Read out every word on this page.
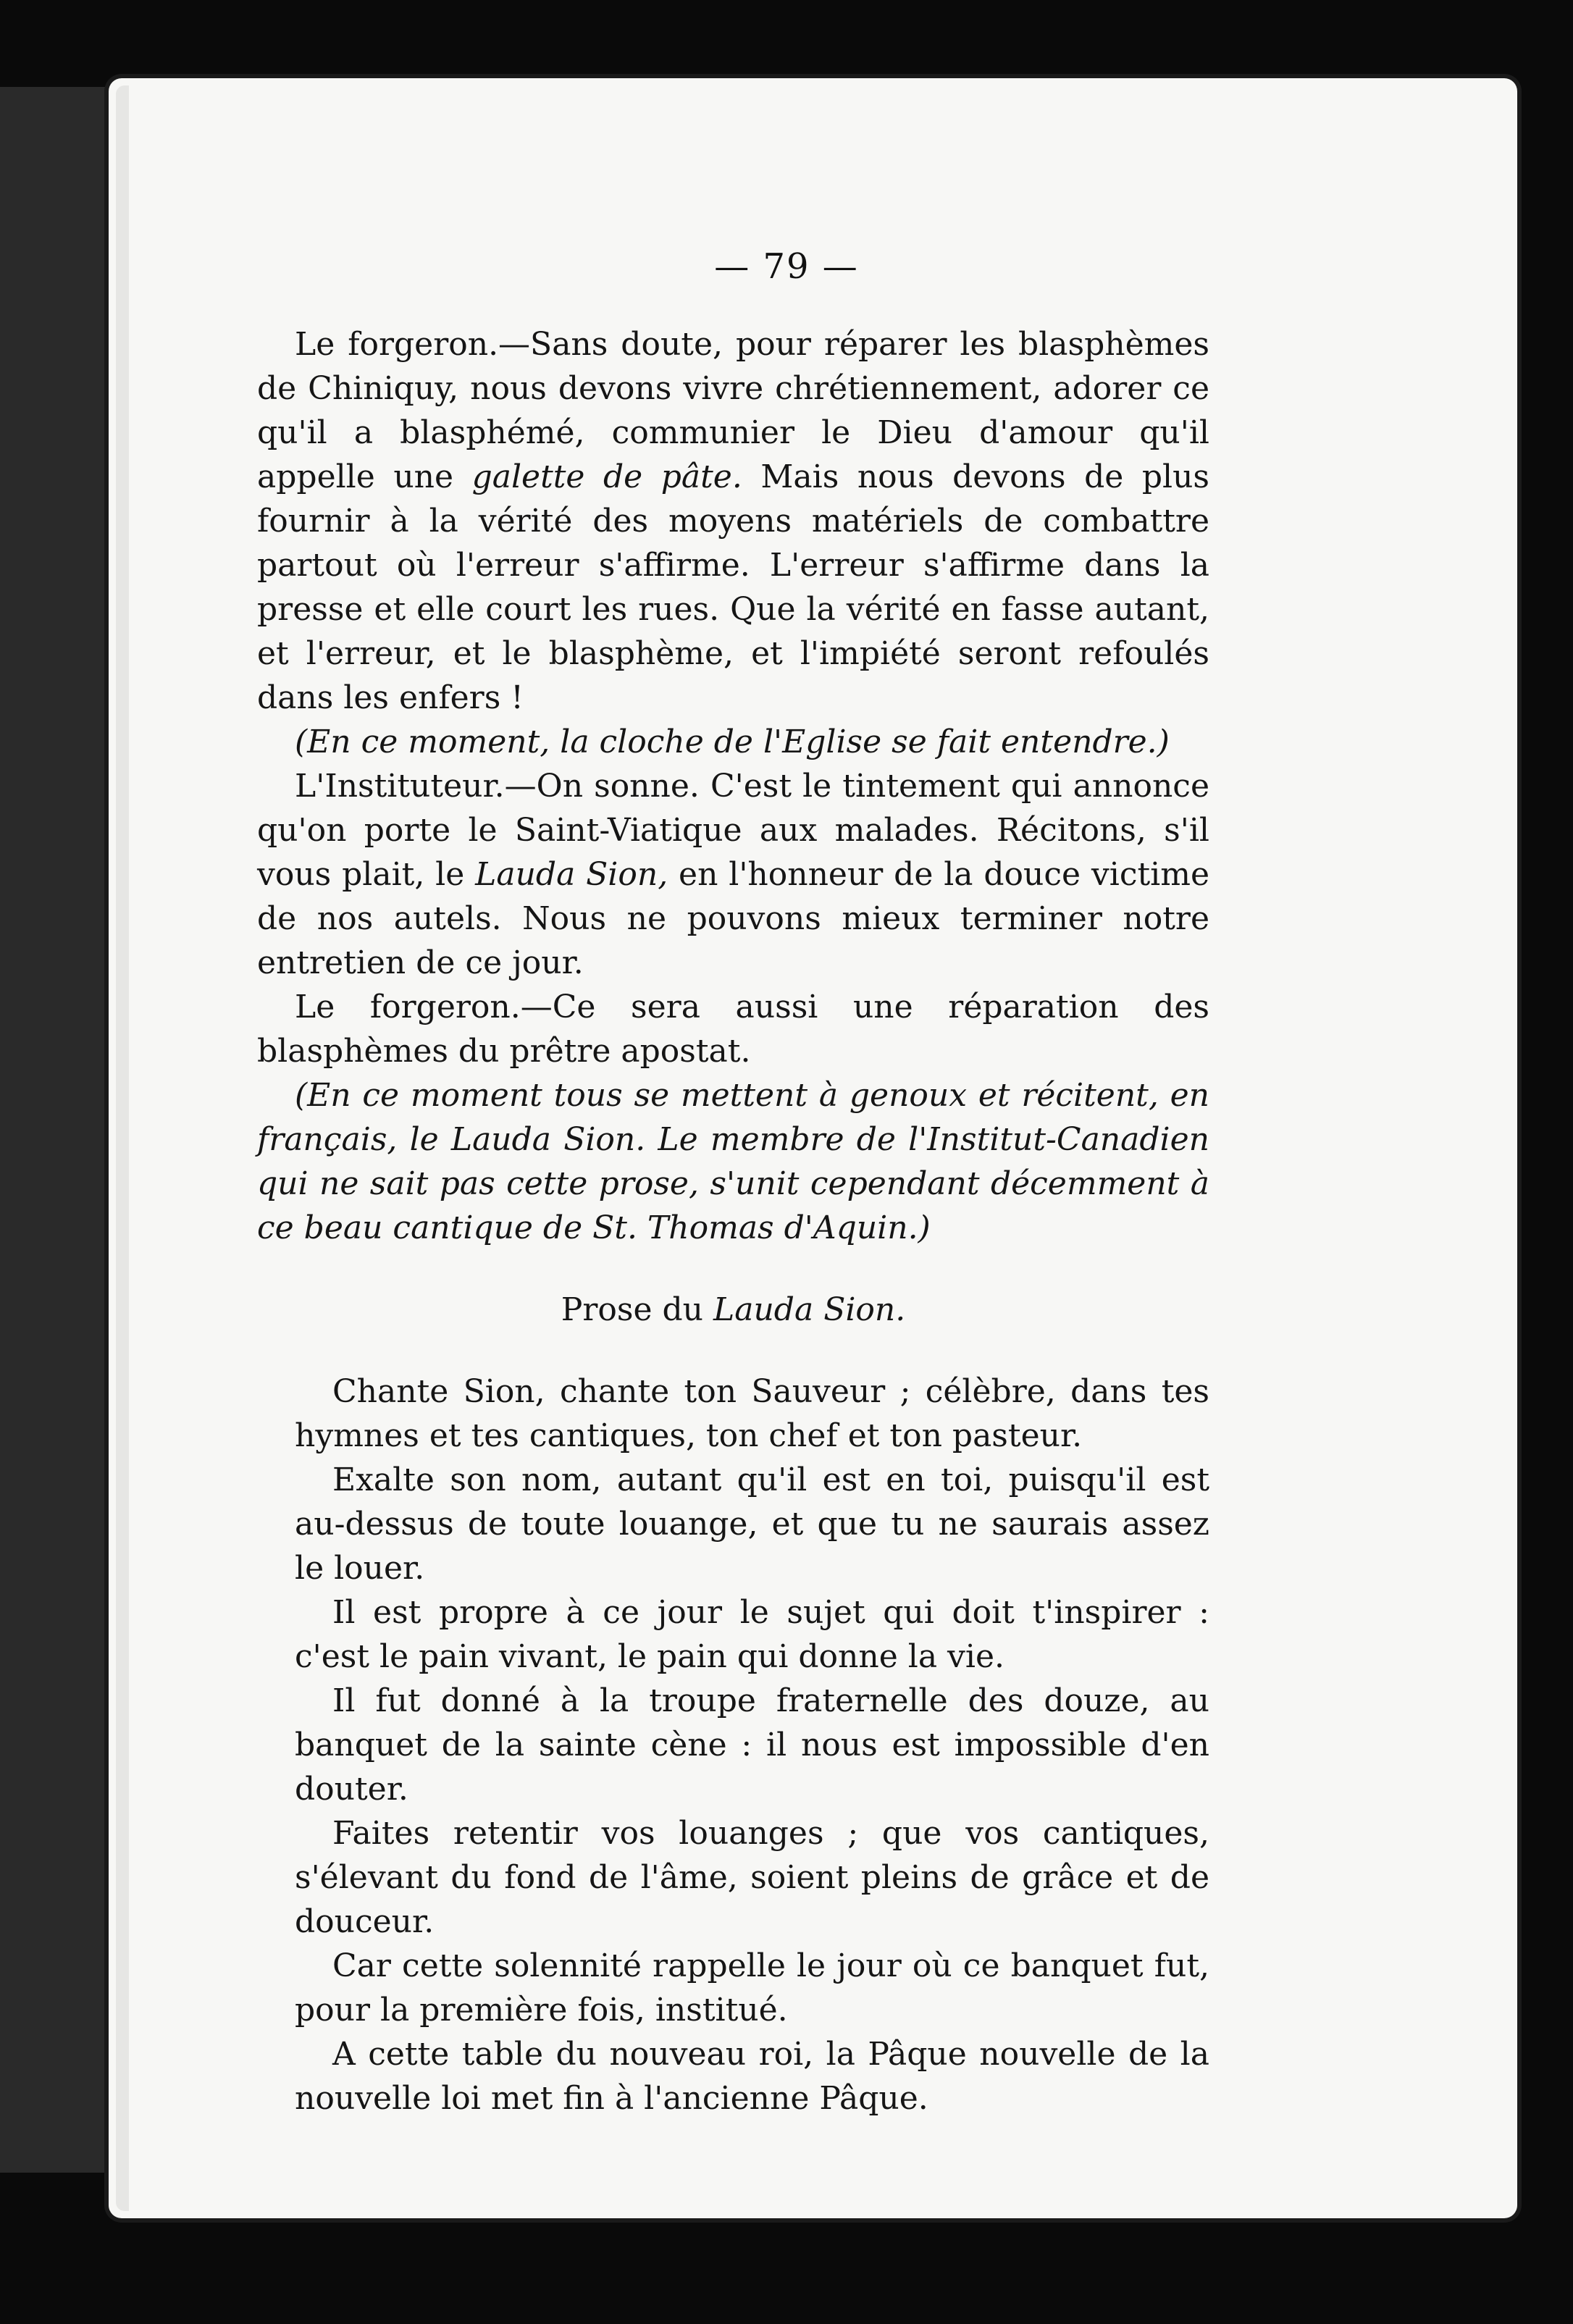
— 79 —

Le forgeron.—Sans doute, pour réparer les blasphèmes de Chiniquy, nous devons vivre chrétiennement, adorer ce qu'il a blasphémé, communier le Dieu d'amour qu'il appelle une galette de pâte. Mais nous devons de plus fournir à la vérité des moyens matériels de combattre partout où l'erreur s'affirme. L'erreur s'affirme dans la presse et elle court les rues. Que la vérité en fasse autant, et l'erreur, et le blasphème, et l'impiété seront refoulés dans les enfers !

(En ce moment, la cloche de l'Eglise se fait entendre.)

L'Instituteur.—On sonne. C'est le tintement qui annonce qu'on porte le Saint-Viatique aux malades. Récitons, s'il vous plait, le Lauda Sion, en l'honneur de la douce victime de nos autels. Nous ne pouvons mieux terminer notre entretien de ce jour.

Le forgeron.—Ce sera aussi une réparation des blasphèmes du prêtre apostat.

(En ce moment tous se mettent à genoux et récitent, en français, le Lauda Sion. Le membre de l'Institut-Canadien qui ne sait pas cette prose, s'unit cependant décemment à ce beau cantique de St. Thomas d'Aquin.)

Prose du Lauda Sion.

Chante Sion, chante ton Sauveur ; célèbre, dans tes hymnes et tes cantiques, ton chef et ton pasteur.

Exalte son nom, autant qu'il est en toi, puisqu'il est au-dessus de toute louange, et que tu ne saurais assez le louer.

Il est propre à ce jour le sujet qui doit t'inspirer : c'est le pain vivant, le pain qui donne la vie.

Il fut donné à la troupe fraternelle des douze, au banquet de la sainte cène : il nous est impossible d'en douter.

Faites retentir vos louanges ; que vos cantiques, s'élevant du fond de l'âme, soient pleins de grâce et de douceur.

Car cette solennité rappelle le jour où ce banquet fut, pour la première fois, institué.

A cette table du nouveau roi, la Pâque nouvelle de la nouvelle loi met fin à l'ancienne Pâque.
